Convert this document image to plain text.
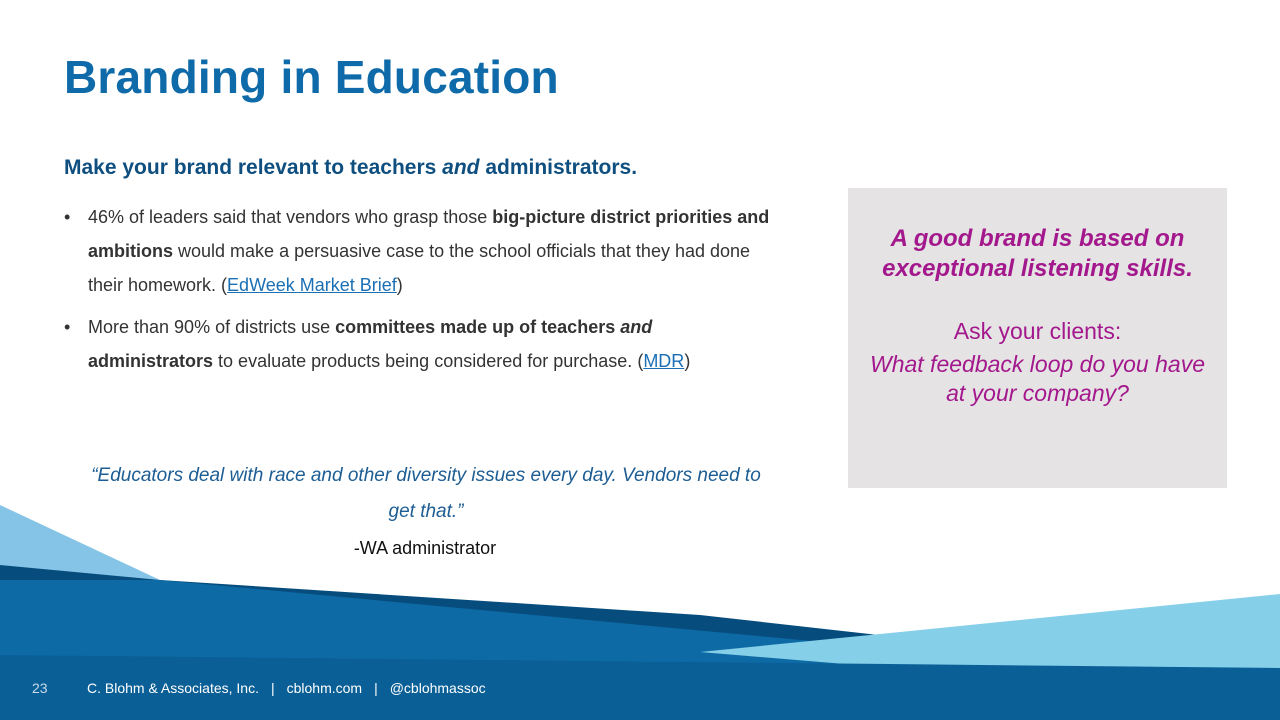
Branding in Education

Make your brand relevant to teachers and administrators.

• 46% of leaders said that vendors who grasp those big-picture district priorities and ambitions would make a persuasive case to the school officials that they had done their homework. (EdWeek Market Brief)
• More than 90% of districts use committees made up of teachers and administrators to evaluate products being considered for purchase. (MDR)

“Educators deal with race and other diversity issues every day. Vendors need to get that.”

-WA administrator

A good brand is based on exceptional listening skills.

Ask your clients:

What feedback loop do you have at your company?

23	C. Blohm & Associates, Inc. | cblohm.com | @cblohmassoc
